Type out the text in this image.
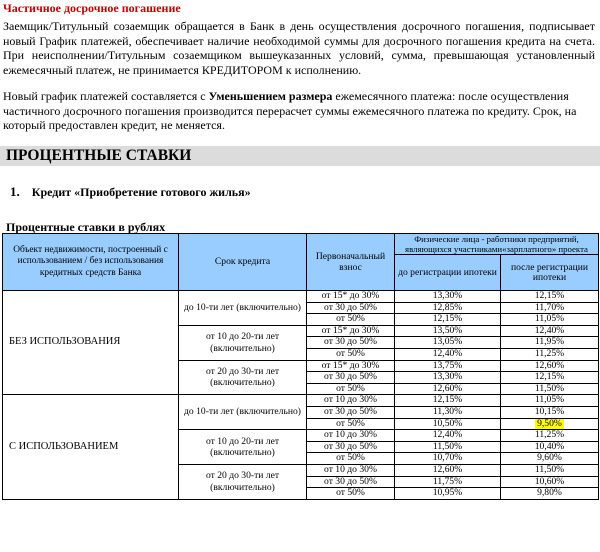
Частичное досрочное погашение
Заемщик/Титульный созаемщик обращается в Банк в день осуществления досрочного погашения, подписывает новый График платежей, обеспечивает наличие необходимой суммы для досрочного погашения кредита на счета. При неисполнении/Титульным созаемщиком вышеуказанных условий, сумма, превышающая установленный ежемесячный платеж, не принимается КРЕДИТОРОМ к исполнению.
Новый график платежей составляется с Уменьшением размера ежемесячного платежа: после осуществления частичного досрочного погашения производится перерасчет суммы ежемесячного платежа по кредиту. Срок, на который предоставлен кредит, не меняется.
ПРОЦЕНТНЫЕ СТАВКИ
1. Кредит «Приобретение готового жилья»
Процентные ставки в рублях
Объект недвижимости, построенный с использованием / без использования кредитных средств Банка	Срок кредита	Первоначальный взнос	Физические лица - работники предприятий, являющихся участниками«зарплатного» проекта	
			до регистрации ипотеки	после регистрации ипотеки
БЕЗ ИСПОЛЬЗОВАНИЯ	до 10-ти лет (включительно)	от 15* до 30%	13,30%	12,15%
		от 30 до 50%	12,85%	11,70%
		от 50%	12,15%	11,05%
	от 10 до 20-ти лет (включительно)	от 15* до 30%	13,50%	12,40%
		от 30 до 50%	13,05%	11,95%
		от 50%	12,40%	11,25%
	от 20 до 30-ти лет (включительно)	от 15* до 30%	13,75%	12,60%
		от 30 до 50%	13,30%	12,15%
		от 50%	12,60%	11,50%
С ИСПОЛЬЗОВАНИЕМ	до 10-ти лет (включительно)	от 10 до 30%	12,15%	11,05%
		от 30 до 50%	11,30%	10,15%
		от 50%	10,50%	9,50%
	от 10 до 20-ти лет (включительно)	от 10 до 30%	12,40%	11,25%
		от 30 до 50%	11,50%	10,40%
		от 50%	10,70%	9,60%
	от 20 до 30-ти лет (включительно)	от 10 до 30%	12,60%	11,50%
		от 30 до 50%	11,75%	10,60%
		от 50%	10,95%	9,80%
